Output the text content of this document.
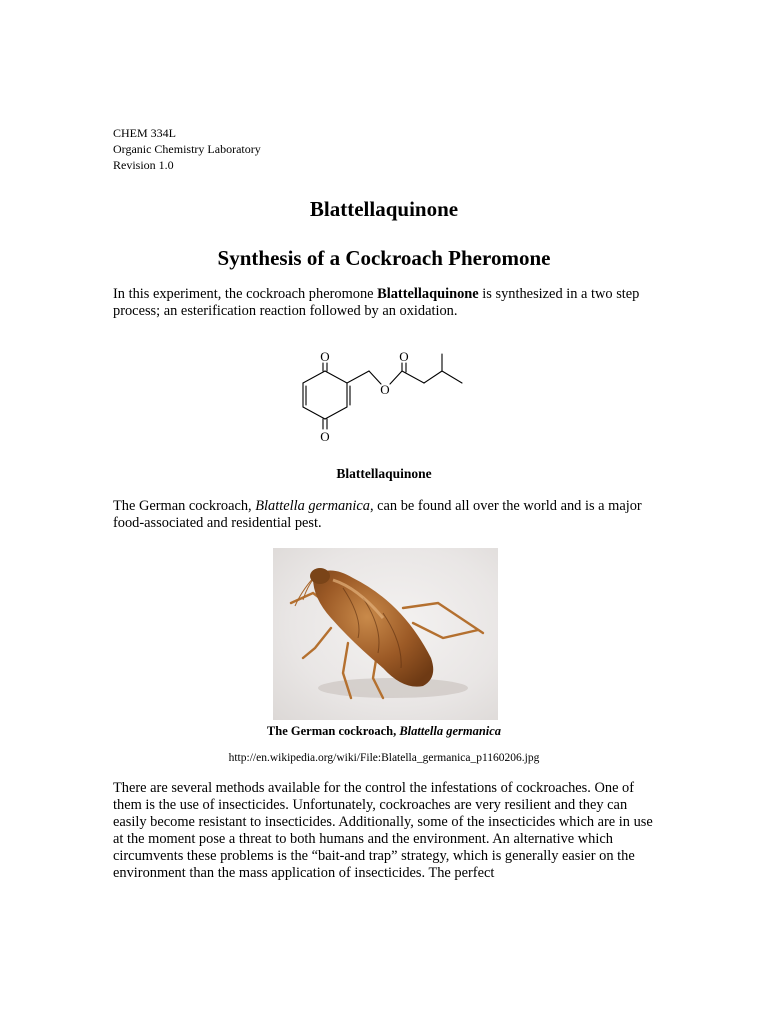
CHEM 334L
Organic Chemistry Laboratory
Revision 1.0
Blattellaquinone
Synthesis of a Cockroach Pheromone
In this experiment, the cockroach pheromone Blattellaquinone is synthesized in a two step process; an esterification reaction followed by an oxidation.
O	O
O
O
Blattellaquinone
The German cockroach, Blattella germanica, can be found all over the world and is a major food-associated and residential pest.
The German cockroach, Blattella germanica
http://en.wikipedia.org/wiki/File:Blatella_germanica_p1160206.jpg
There are several methods available for the control the infestations of cockroaches. One of them is the use of insecticides. Unfortunately, cockroaches are very resilient and they can easily become resistant to insecticides. Additionally, some of the insecticides which are in use at the moment pose a threat to both humans and the environment. An alternative which circumvents these problems is the “bait-and trap” strategy, which is generally easier on the environment than the mass application of insecticides. The perfect
